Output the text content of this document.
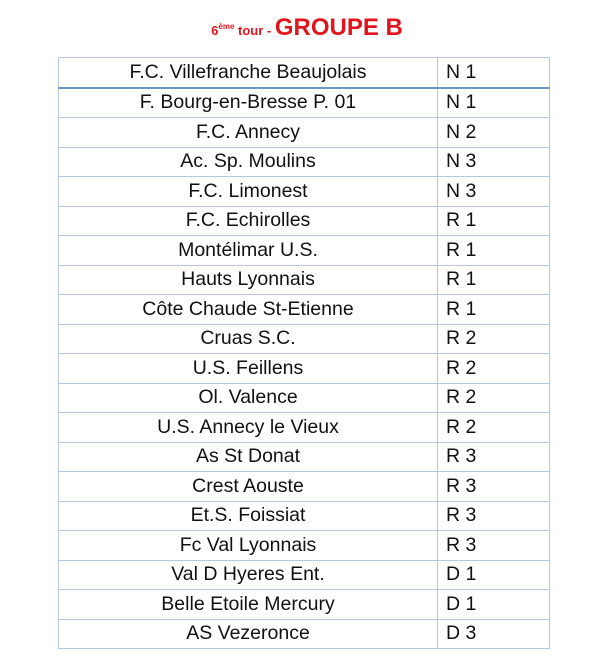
6ème tour - GROUPE B
F.C. Villefranche Beaujolais	N 1
F. Bourg-en-Bresse P. 01	N 1
F.C. Annecy	N 2
Ac. Sp. Moulins	N 3
F.C. Limonest	N 3
F.C. Echirolles	R 1
Montélimar U.S.	R 1
Hauts Lyonnais	R 1
Côte Chaude St-Etienne	R 1
Cruas S.C.	R 2
U.S. Feillens	R 2
Ol. Valence	R 2
U.S. Annecy le Vieux	R 2
As St Donat	R 3
Crest Aouste	R 3
Et.S. Foissiat	R 3
Fc Val Lyonnais	R 3
Val D Hyeres Ent.	D 1
Belle Etoile Mercury	D 1
AS Vezeronce	D 3
